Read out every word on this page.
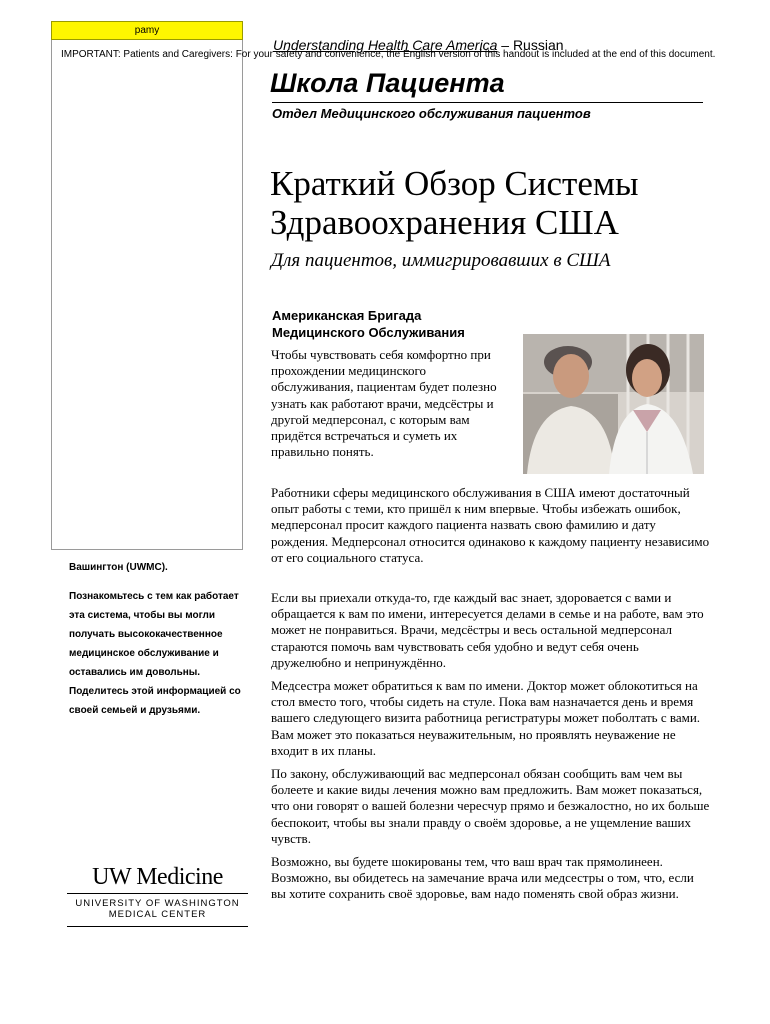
pamy
Understanding Health Care America – Russian
IMPORTANT: Patients and Caregivers: For your safety and convenience, the English version of this handout is included at the end of this document.
Школа Пациента
Отдел Медицинского обслуживания пациентов
Краткий Обзор Системы Здравоохранения США
Для пациентов, иммигрировавших в США
Американская Бригада Медицинского Обслуживания
Чтобы чувствовать себя комфортно при прохождении медицинского обслуживания, пациентам будет полезно узнать как работают врачи, медсёстры и другой медперсонал, с которым вам придётся встречаться и суметь их правильно понять.

Работники сферы медицинского обслуживания в США имеют достаточный опыт работы с теми, кто пришёл к ним впервые. Чтобы избежать ошибок, медперсонал просит каждого пациента назвать свою фамилию и дату рождения. Медперсонал относится одинаково к каждому пациенту независимо от его социального статуса.

Если вы приехали откуда-то, где каждый вас знает, здоровается с вами и обращается к вам по имени, интересуется делами в семье и на работе, вам это может не понравиться. Врачи, медсёстры и весь остальной медперсонал стараются помочь вам чувствовать себя удобно и ведут себя очень дружелюбно и непринуждённо.

Медсестра может обратиться к вам по имени. Доктор может облокотиться на стол вместо того, чтобы сидеть на стуле. Пока вам назначается день и время вашего следующего визита работница регистратуры может поболтать с вами. Вам может это показаться неуважительным, но проявлять неуважение не входит в их планы.

По закону, обслуживающий вас медперсонал обязан сообщить вам чем вы болеете и какие виды лечения можно вам предложить. Вам может показаться, что они говорят о вашей болезни чересчур прямо и безжалостно, но их больше беспокоит, чтобы вы знали правду о своём здоровье, а не ущемление ваших чувств.

Возможно, вы будете шокированы тем, что ваш врач так прямолинеен. Возможно, вы обидетесь на замечание врача или медсестры о том, что, если вы хотите сохранить своё здоровье, вам надо поменять свой образ жизни.

Вашингтон (UWMC).

Познакомьтесь с тем как работает эта система, чтобы вы могли получать высококачественное медицинское обслуживание и оставались им довольны. Поделитесь этой информацией со своей семьей и друзьями.

UW Medicine
UNIVERSITY OF WASHINGTON
MEDICAL CENTER
